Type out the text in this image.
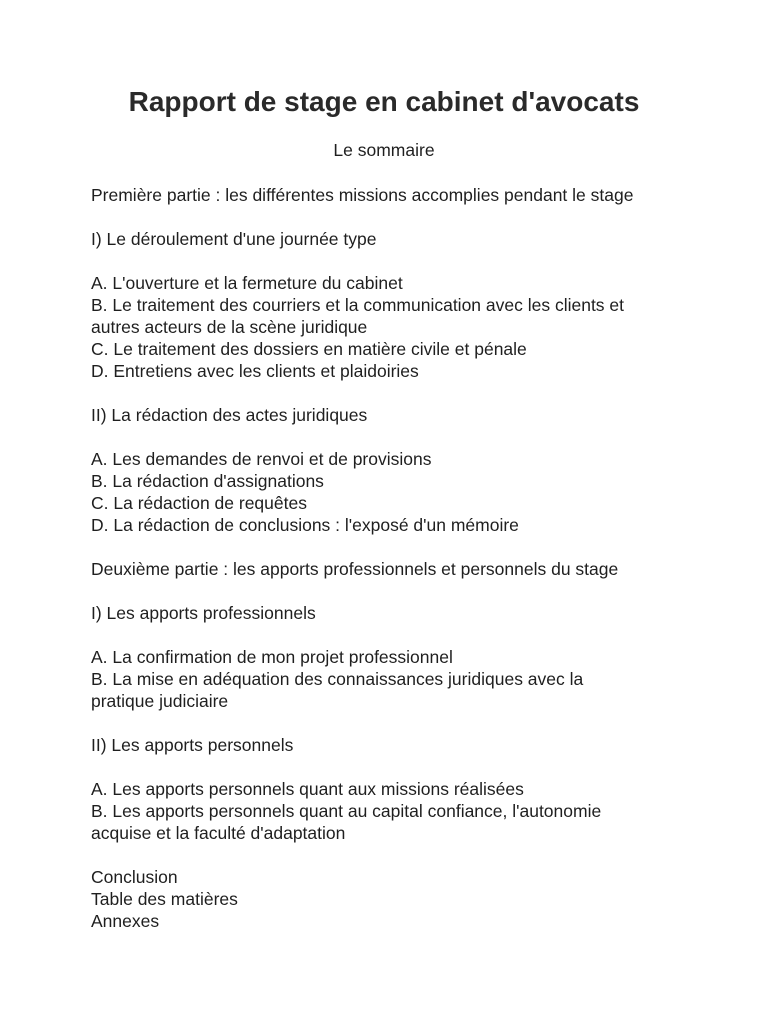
Rapport de stage en cabinet d'avocats

Le sommaire

Première partie : les différentes missions accomplies pendant le stage
I) Le déroulement d'une journée type
A. L'ouverture et la fermeture du cabinet
B. Le traitement des courriers et la communication avec les clients et
autres acteurs de la scène juridique
C. Le traitement des dossiers en matière civile et pénale
D. Entretiens avec les clients et plaidoiries
II) La rédaction des actes juridiques
A. Les demandes de renvoi et de provisions
B. La rédaction d'assignations
C. La rédaction de requêtes
D. La rédaction de conclusions : l'exposé d'un mémoire
Deuxième partie : les apports professionnels et personnels du stage
I) Les apports professionnels
A. La confirmation de mon projet professionnel
B. La mise en adéquation des connaissances juridiques avec la
pratique judiciaire
II) Les apports personnels
A. Les apports personnels quant aux missions réalisées
B. Les apports personnels quant au capital confiance, l'autonomie
acquise et la faculté d'adaptation
Conclusion
Table des matières
Annexes
